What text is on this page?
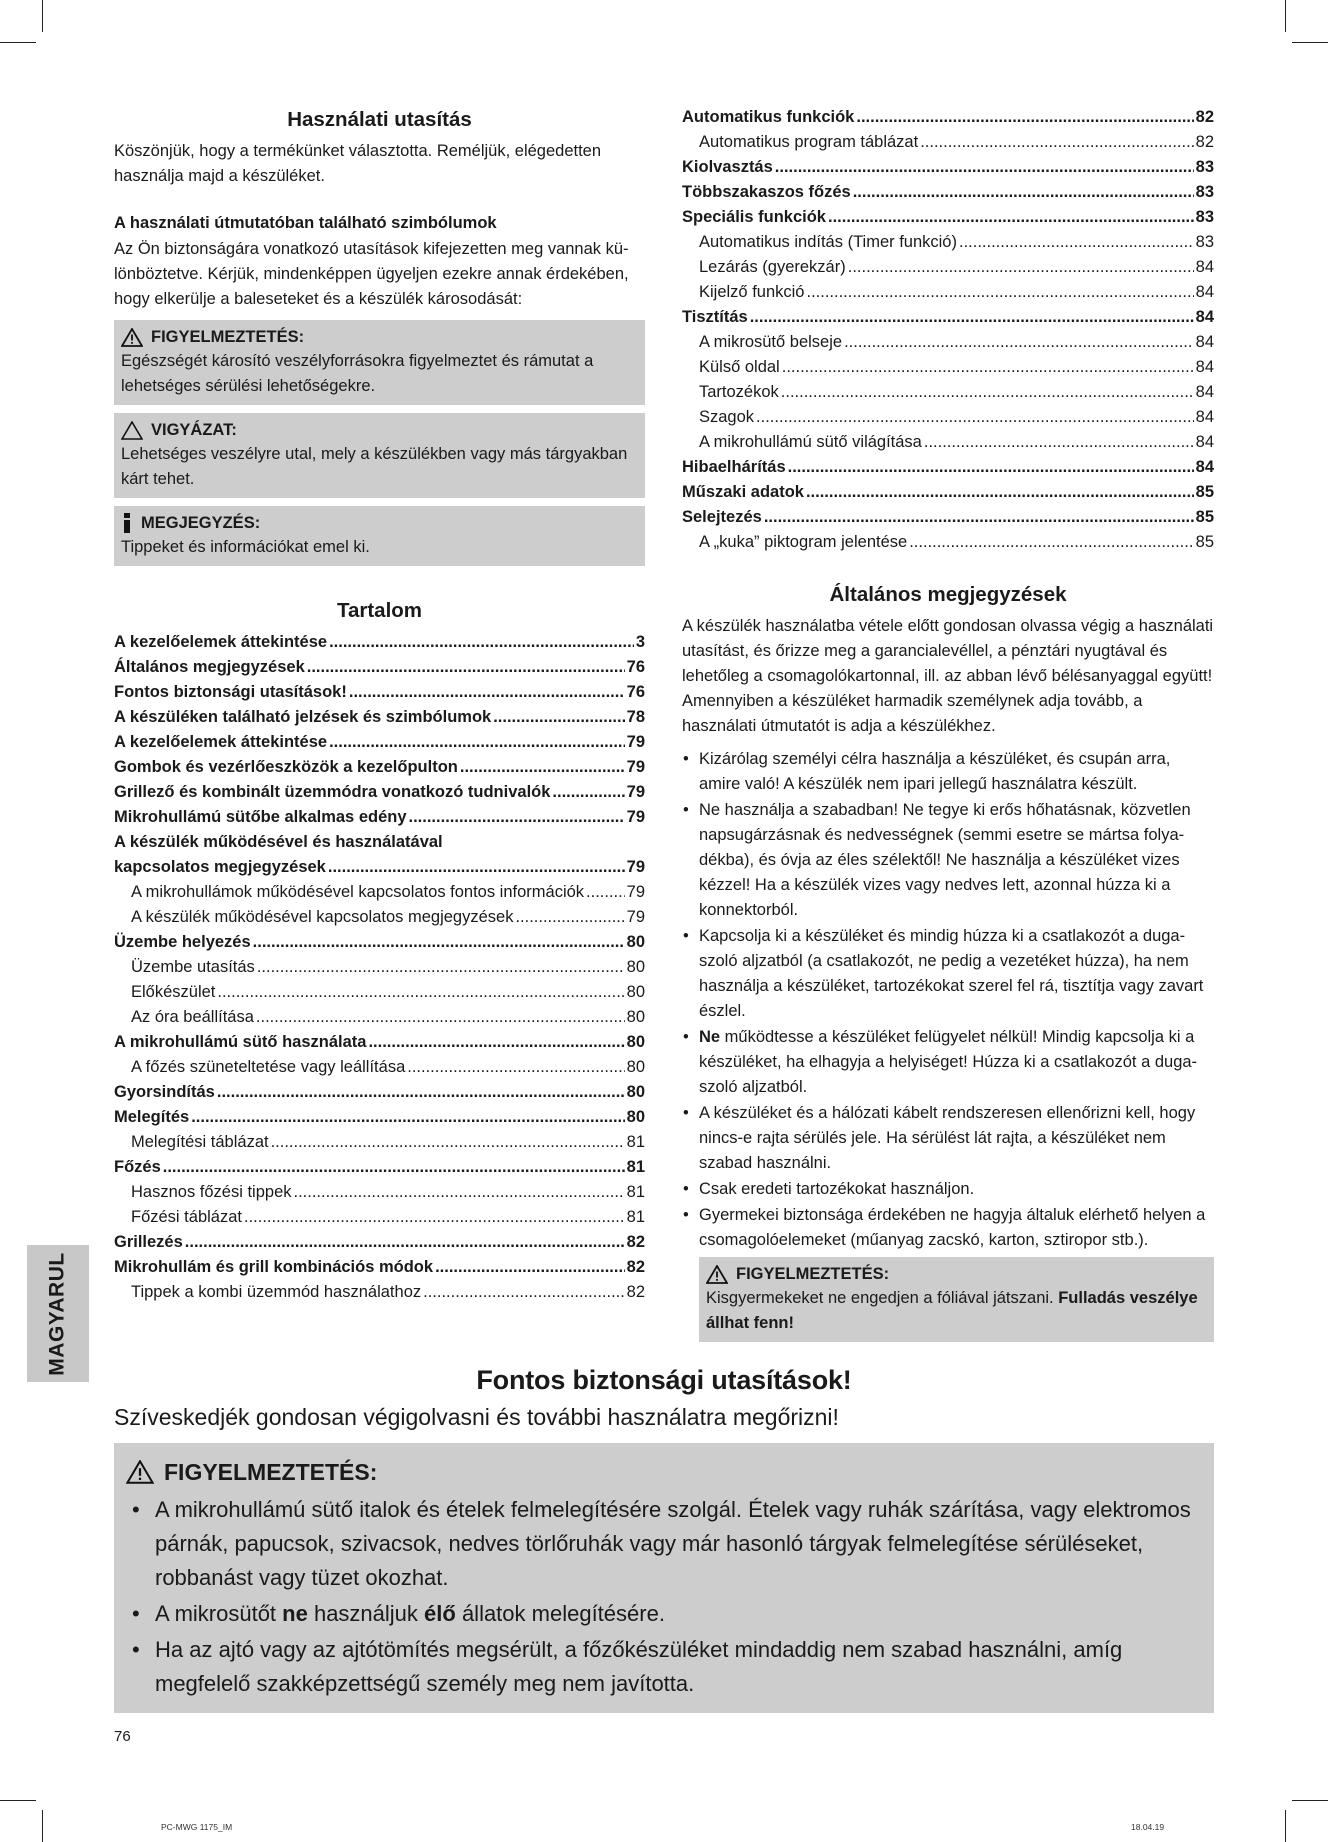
Használati utasítás

Köszönjük, hogy a termékünket választotta. Reméljük, elégedetten használja majd a készüléket.

A használati útmutatóban található szimbólumok

Az Ön biztonságára vonatkozó utasítások kifejezetten meg vannak különböztetve. Kérjük, mindenképpen ügyeljen ezekre annak érdekében, hogy elkerülje a baleseteket és a készülék károsodását:

FIGYELMEZTETÉS:
Egészségét károsító veszélyforrásokra figyelmeztet és rámutat a lehetséges sérülési lehetőségekre.
VIGYÁZAT:
Lehetséges veszélyre utal, mely a készülékben vagy más tárgyakban kárt tehet.
MEGJEGYZÉS:
Tippeket és információkat emel ki.
Tartalom
A kezelőelemek áttekintése .....	3
Általános megjegyzések .....	76
Fontos biztonsági utasítások! .....	76
A készüléken található jelzések és szimbólumok .....	78
A kezelőelemek áttekintése .....	79
Gombok és vezérlőeszközök a kezelőpulton .....	79
Grillező és kombinált üzemmódra vonatkozó tudnivalók .....	79
Mikrohullámú sütőbe alkalmas edény .....	79
A készülék működésével és használatával
kapcsolatos megjegyzések .....	79
A mikrohullámok működésével kapcsolatos fontos információk .....	79
A készülék működésével kapcsolatos megjegyzések .....	79
Üzembe helyezés .....	80
Üzembe utasítás .....	80
Előkészület .....	80
Az óra beállítása .....	80
A mikrohullámú sütő használata .....	80
A főzés szüneteltetése vagy leállítása .....	80
Gyorsindítás .....	80
Melegítés .....	80
Melegítési táblázat .....	81
Főzés .....	81
Hasznos főzési tippek .....	81
Főzési táblázat .....	81
Grillezés .....	82
Mikrohullám és grill kombinációs módok .....	82
Tippek a kombi üzemmód használathoz .....	82
Automatikus funkciók .....	82
Automatikus program táblázat .....	82
Kiolvasztás .....	83
Többszakaszos főzés .....	83
Speciális funkciók .....	83
Automatikus indítás (Timer funkció) .....	83
Lezárás (gyerekzár) .....	84
Kijelző funkció .....	84
Tisztítás .....	84
A mikrosütő belseje .....	84
Külső oldal .....	84
Tartozékok .....	84
Szagok .....	84
A mikrohullámú sütő világítása .....	84
Hibaelhárítás .....	84
Műszaki adatok .....	85
Selejtezés .....	85
A „kuka” piktogram jelentése .....	85
Általános megjegyzések

A készülék használatba vétele előtt gondosan olvassa végig a használati utasítást, és őrizze meg a garancialevéllel, a pénztári nyugtával és lehetőleg a csomagolókartonnal, ill. az abban lévő bélésanyaggal együtt! Amennyiben a készüléket harmadik személynek adja tovább, a használati útmutatót is adja a készülékhez.

• Kizárólag személyi célra használja a készüléket, és csupán arra, amire való! A készülék nem ipari jellegű használatra készült.
• Ne használja a szabadban! Ne tegye ki erős hőhatásnak, közvetlen napsugárzásnak és nedvességnek (semmi esetre se mártsa folyadékba), és óvja az éles szélektől! Ne használja a készüléket vizes kézzel! Ha a készülék vizes vagy nedves lett, azonnal húzza ki a konnektorból.
• Kapcsolja ki a készüléket és mindig húzza ki a csatlakozót a dugaszoló aljzatból (a csatlakozót, ne pedig a vezetéket húzza), ha nem használja a készüléket, tartozékokat szerel fel rá, tisztítja vagy zavart észlel.
• Ne működtesse a készüléket felügyelet nélkül! Mindig kapcsolja ki a készüléket, ha elhagyja a helyiséget! Húzza ki a csatlakozót a dugaszoló aljzatból.
• A készüléket és a hálózati kábelt rendszeresen ellenőrizni kell, hogy nincs-e rajta sérülés jele. Ha sérülést lát rajta, a készüléket nem szabad használni.
• Csak eredeti tartozékokat használjon.
• Gyermekei biztonsága érdekében ne hagyja általuk elérhető helyen a csomagolóelemeket (műanyag zacskó, karton, sztiropor stb.).
FIGYELMEZTETÉS:
Kisgyermekeket ne engedjen a fóliával játszani. Fulladás veszélye állhat fenn!
Fontos biztonsági utasítások!
Szíveskedjék gondosan végigolvasni és további használatra megőrizni!
FIGYELMEZTETÉS:
• A mikrohullámú sütő italok és ételek felmelegítésére szolgál. Ételek vagy ruhák szárítása, vagy elektromos párnák, papucsok, szivacsok, nedves törlőruhák vagy már hasonló tárgyak felmelegítése sérüléseket, robbanást vagy tüzet okozhat.
• A mikrosütőt ne használjuk élő állatok melegítésére.
• Ha az ajtó vagy az ajtótömítés megsérült, a főzőkészüléket mindaddig nem szabad használni, amíg megfelelő szakképzettségű személy meg nem javította.
MAGYARUL
76
PC-MWG 1175_IM	18.04.19
